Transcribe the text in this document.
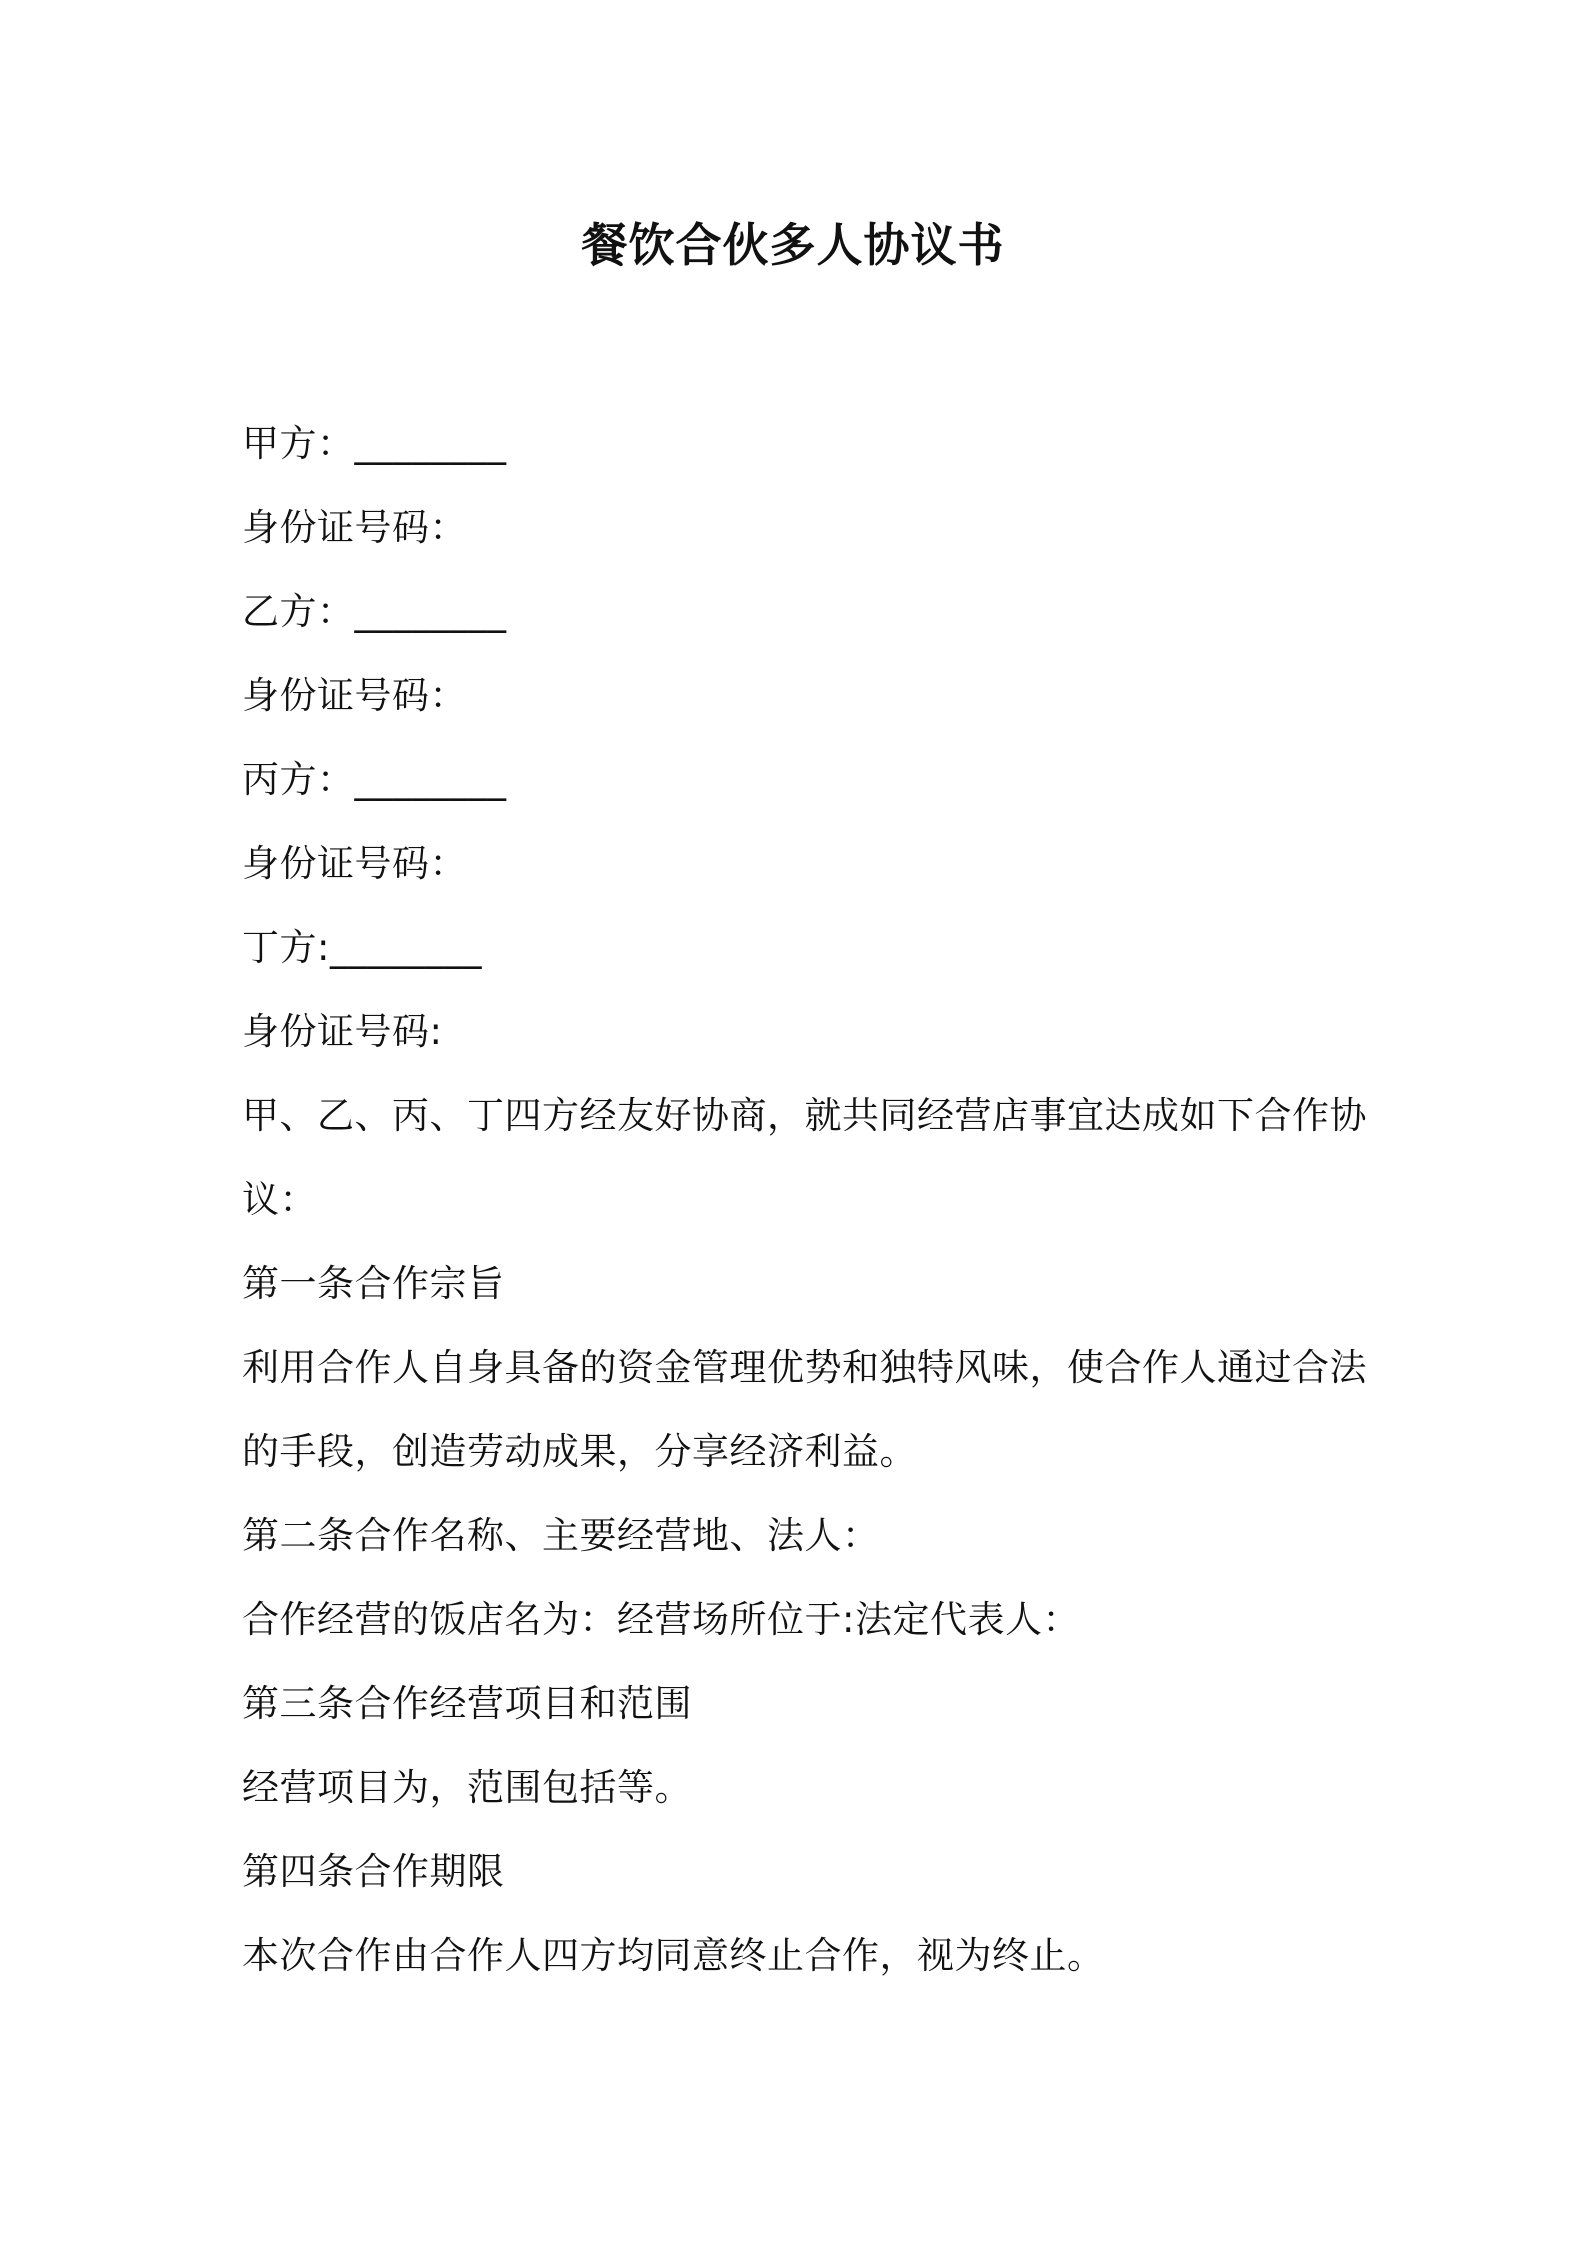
餐饮合伙多人协议书
甲方：________
身份证号码：
乙方：________
身份证号码：
丙方：________
身份证号码：
丁方:________
身份证号码:
甲、乙、丙、丁四方经友好协商，就共同经营店事宜达成如下合作协
议：
第一条合作宗旨
利用合作人自身具备的资金管理优势和独特风味，使合作人通过合法
的手段，创造劳动成果，分享经济利益。
第二条合作名称、主要经营地、法人：
合作经营的饭店名为：经营场所位于:法定代表人：
第三条合作经营项目和范围
经营项目为，范围包括等。
第四条合作期限
本次合作由合作人四方均同意终止合作，视为终止。
